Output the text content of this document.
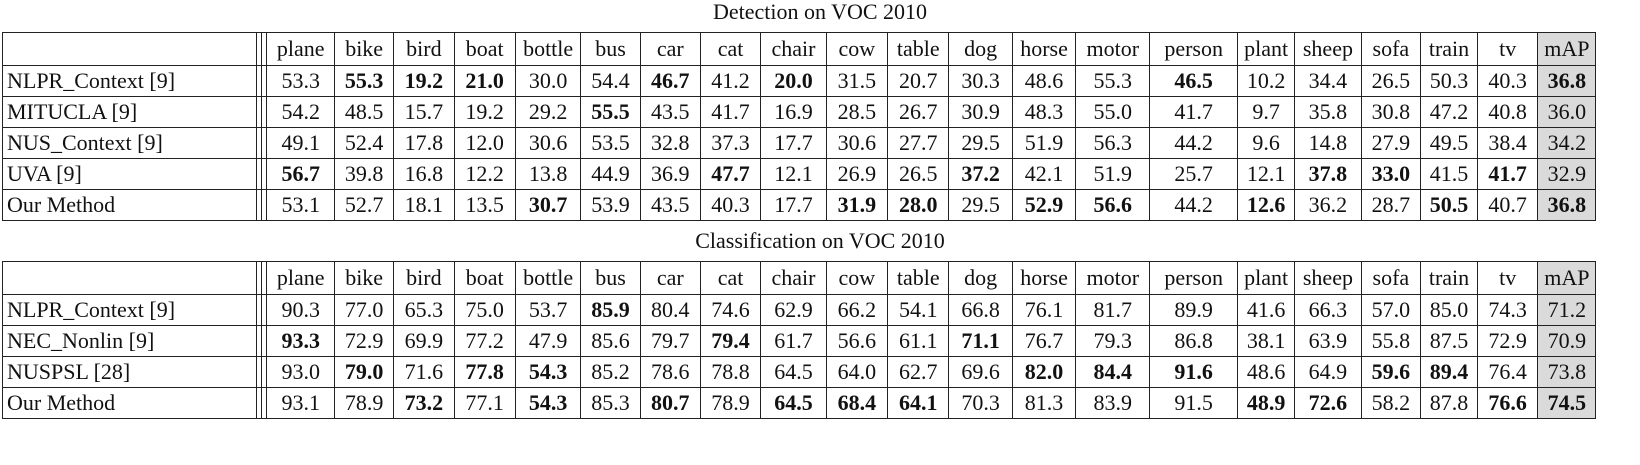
Detection on VOC 2010
			plane	bike	bird	boat	bottle	bus	car	cat	chair	cow	table	dog	horse	motor	person	plant	sheep	sofa	train	tv	mAP
NLPR_Context [9]			53.3	55.3	19.2	21.0	30.0	54.4	46.7	41.2	20.0	31.5	20.7	30.3	48.6	55.3	46.5	10.2	34.4	26.5	50.3	40.3	36.8
MITUCLA [9]			54.2	48.5	15.7	19.2	29.2	55.5	43.5	41.7	16.9	28.5	26.7	30.9	48.3	55.0	41.7	9.7	35.8	30.8	47.2	40.8	36.0
NUS_Context [9]			49.1	52.4	17.8	12.0	30.6	53.5	32.8	37.3	17.7	30.6	27.7	29.5	51.9	56.3	44.2	9.6	14.8	27.9	49.5	38.4	34.2
UVA [9]			56.7	39.8	16.8	12.2	13.8	44.9	36.9	47.7	12.1	26.9	26.5	37.2	42.1	51.9	25.7	12.1	37.8	33.0	41.5	41.7	32.9
Our Method			53.1	52.7	18.1	13.5	30.7	53.9	43.5	40.3	17.7	31.9	28.0	29.5	52.9	56.6	44.2	12.6	36.2	28.7	50.5	40.7	36.8
Classification on VOC 2010
			plane	bike	bird	boat	bottle	bus	car	cat	chair	cow	table	dog	horse	motor	person	plant	sheep	sofa	train	tv	mAP
NLPR_Context [9]			90.3	77.0	65.3	75.0	53.7	85.9	80.4	74.6	62.9	66.2	54.1	66.8	76.1	81.7	89.9	41.6	66.3	57.0	85.0	74.3	71.2
NEC_Nonlin [9]			93.3	72.9	69.9	77.2	47.9	85.6	79.7	79.4	61.7	56.6	61.1	71.1	76.7	79.3	86.8	38.1	63.9	55.8	87.5	72.9	70.9
NUSPSL [28]			93.0	79.0	71.6	77.8	54.3	85.2	78.6	78.8	64.5	64.0	62.7	69.6	82.0	84.4	91.6	48.6	64.9	59.6	89.4	76.4	73.8
Our Method			93.1	78.9	73.2	77.1	54.3	85.3	80.7	78.9	64.5	68.4	64.1	70.3	81.3	83.9	91.5	48.9	72.6	58.2	87.8	76.6	74.5
